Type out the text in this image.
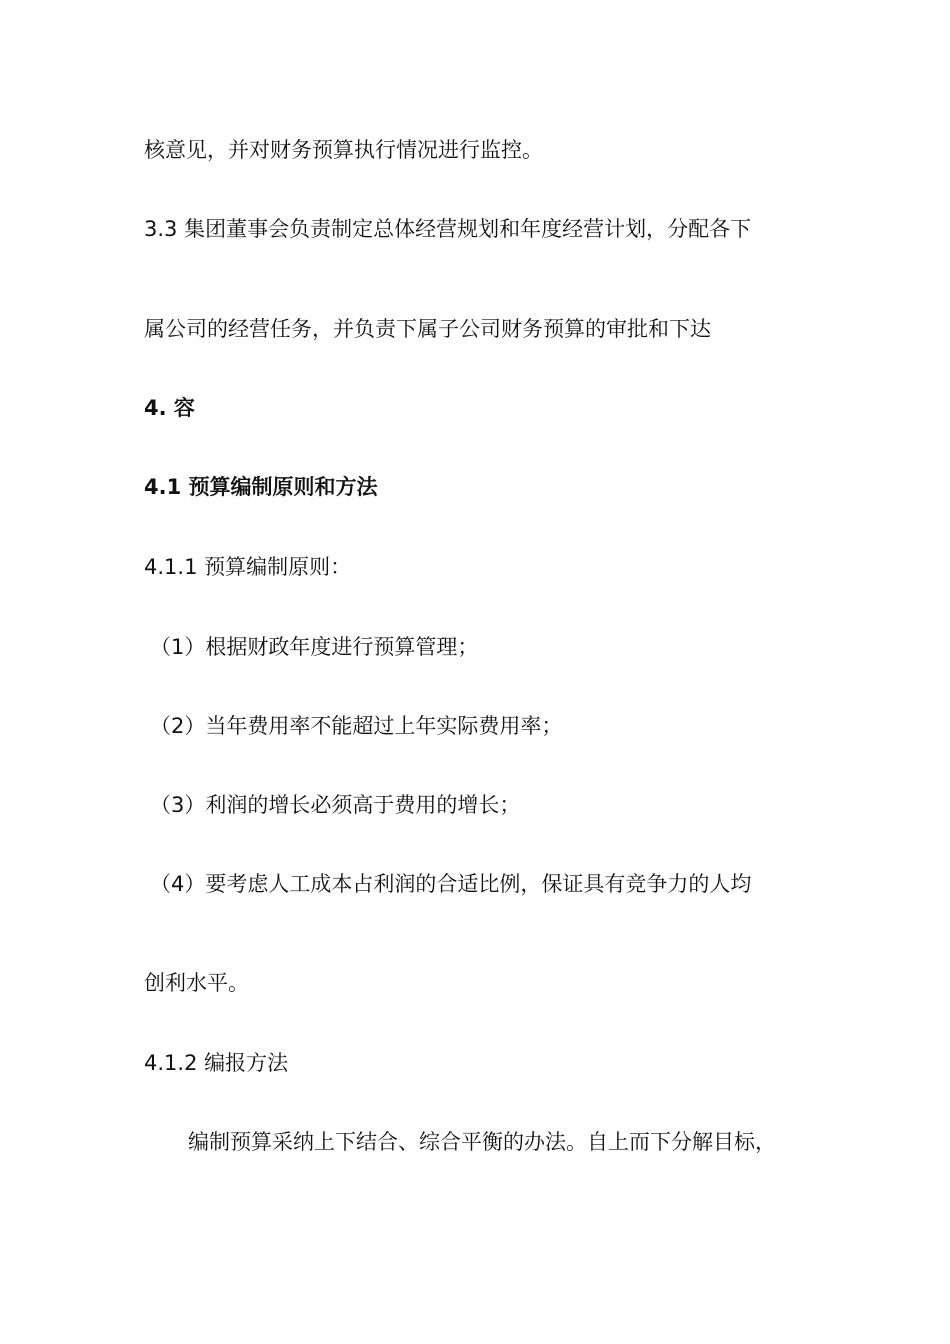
核意见，并对财务预算执行情况进行监控。
3.3 集团董事会负责制定总体经营规划和年度经营计划，分配各下
属公司的经营任务，并负责下属子公司财务预算的审批和下达
4. 容
4.1 预算编制原则和方法
4.1.1 预算编制原则：
（1）根据财政年度进行预算管理；
（2）当年费用率不能超过上年实际费用率；
（3）利润的增长必须高于费用的增长；
（4）要考虑人工成本占利润的合适比例，保证具有竞争力的人均
创利水平。
4.1.2 编报方法
编制预算采纳上下结合、综合平衡的办法。自上而下分解目标，
